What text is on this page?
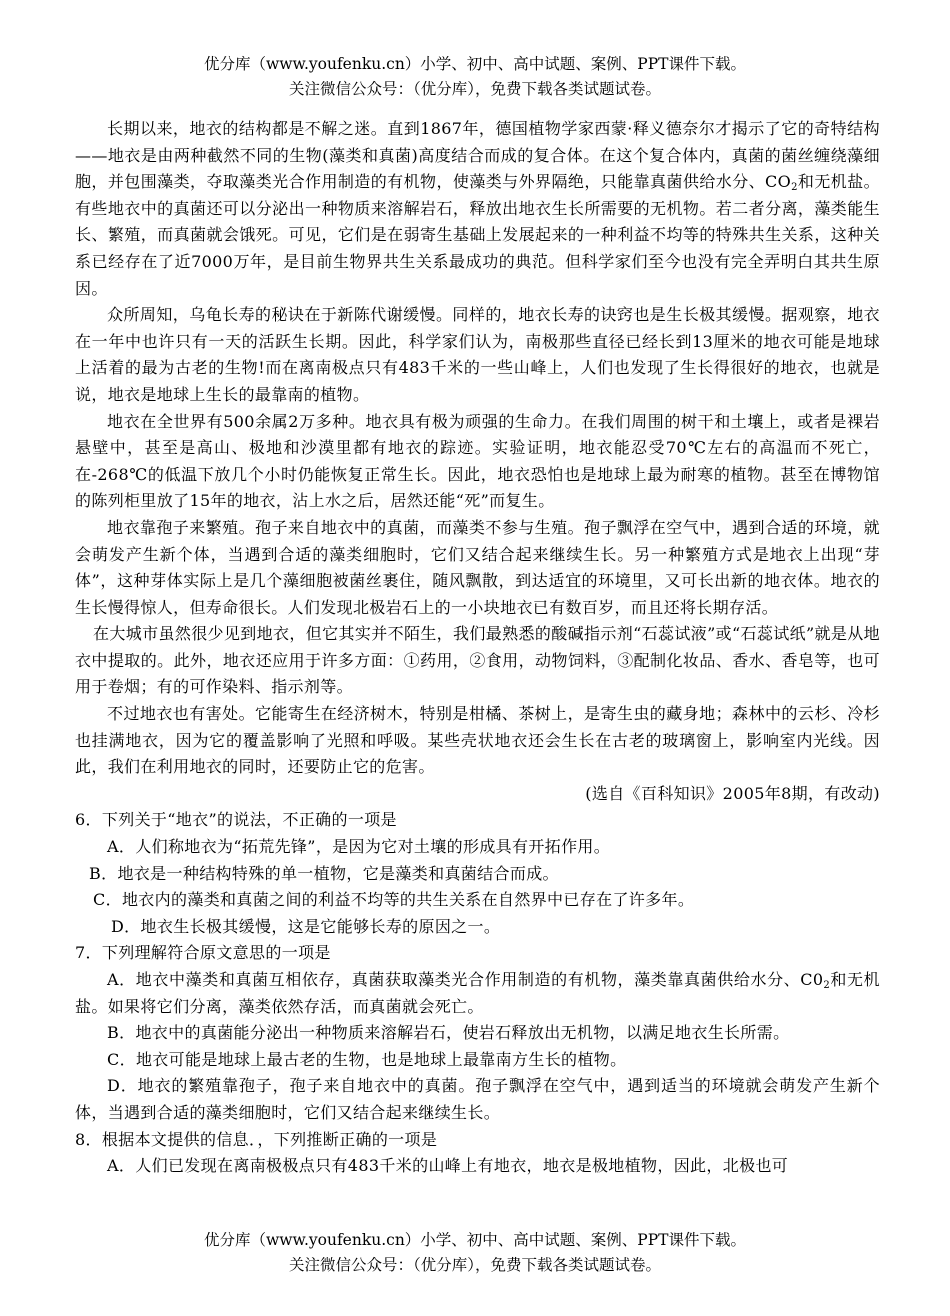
优分库（www.youfenku.cn）小学、初中、高中试题、案例、PPT课件下载。
关注微信公众号：（优分库），免费下载各类试题试卷。

长期以来，地衣的结构都是不解之迷。直到1867年，德国植物学家西蒙·释义德奈尔才揭示了它的奇特结构——地衣是由两种截然不同的生物(藻类和真菌)高度结合而成的复合体。在这个复合体内，真菌的菌丝缠绕藻细胞，并包围藻类，夺取藻类光合作用制造的有机物，使藻类与外界隔绝，只能靠真菌供给水分、$CO_2$和无机盐。有些地衣中的真菌还可以分泌出一种物质来溶解岩石，释放出地衣生长所需要的无机物。若二者分离，藻类能生长、繁殖，而真菌就会饿死。可见，它们是在弱寄生基础上发展起来的一种利益不均等的特殊共生关系，这种关系已经存在了近7000万年，是目前生物界共生关系最成功的典范。但科学家们至今也没有完全弄明白其共生原因。

众所周知，乌龟长寿的秘诀在于新陈代谢缓慢。同样的，地衣长寿的诀窍也是生长极其缓慢。据观察，地衣在一年中也许只有一天的活跃生长期。因此，科学家们认为，南极那些直径已经长到13厘米的地衣可能是地球上活着的最为古老的生物!而在离南极点只有483千米的一些山峰上，人们也发现了生长得很好的地衣，也就是说，地衣是地球上生长的最靠南的植物。

地衣在全世界有500余属2万多种。地衣具有极为顽强的生命力。在我们周围的树干和土壤上，或者是裸岩悬壁中，甚至是高山、极地和沙漠里都有地衣的踪迹。实验证明，地衣能忍受70℃左右的高温而不死亡，在-268℃的低温下放几个小时仍能恢复正常生长。因此，地衣恐怕也是地球上最为耐寒的植物。甚至在博物馆的陈列柜里放了15年的地衣，沾上水之后，居然还能“死”而复生。

地衣靠孢子来繁殖。孢子来自地衣中的真菌，而藻类不参与生殖。孢子飘浮在空气中，遇到合适的环境，就会萌发产生新个体，当遇到合适的藻类细胞时，它们又结合起来继续生长。另一种繁殖方式是地衣上出现“芽体”，这种芽体实际上是几个藻细胞被菌丝裹住，随风飘散，到达适宜的环境里，又可长出新的地衣体。地衣的生长慢得惊人，但寿命很长。人们发现北极岩石上的一小块地衣已有数百岁，而且还将长期存活。

在大城市虽然很少见到地衣，但它其实并不陌生，我们最熟悉的酸碱指示剂“石蕊试液”或“石蕊试纸”就是从地衣中提取的。此外，地衣还应用于许多方面：①药用，②食用，动物饲料，③配制化妆品、香水、香皂等，也可用于卷烟；有的可作染料、指示剂等。

不过地衣也有害处。它能寄生在经济树木，特别是柑橘、茶树上，是寄生虫的藏身地；森林中的云杉、冷杉也挂满地衣，因为它的覆盖影响了光照和呼吸。某些壳状地衣还会生长在古老的玻璃窗上，影响室内光线。因此，我们在利用地衣的同时，还要防止它的危害。

(选自《百科知识》2005年8期，有改动)

6．下列关于“地衣”的说法，不正确的一项是

A．人们称地衣为“拓荒先锋”，是因为它对土壤的形成具有开拓作用。

B．地衣是一种结构特殊的单一植物，它是藻类和真菌结合而成。

C．地衣内的藻类和真菌之间的利益不均等的共生关系在自然界中已存在了许多年。

D．地衣生长极其缓慢，这是它能够长寿的原因之一。

7．下列理解符合原文意思的一项是

A．地衣中藻类和真菌互相依存，真菌获取藻类光合作用制造的有机物，藻类靠真菌供给水分、$C0_2$和无机盐。如果将它们分离，藻类依然存活，而真菌就会死亡。

B．地衣中的真菌能分泌出一种物质来溶解岩石，使岩石释放出无机物，以满足地衣生长所需。

C．地衣可能是地球上最古老的生物，也是地球上最靠南方生长的植物。

D．地衣的繁殖靠孢子，孢子来自地衣中的真菌。孢子飘浮在空气中，遇到适当的环境就会萌发产生新个体，当遇到合适的藻类细胞时，它们又结合起来继续生长。

8．根据本文提供的信息．，下列推断正确的一项是

A．人们已发现在离南极极点只有483千米的山峰上有地衣，地衣是极地植物，因此，北极也可

优分库（www.youfenku.cn）小学、初中、高中试题、案例、PPT课件下载。
关注微信公众号：（优分库），免费下载各类试题试卷。
